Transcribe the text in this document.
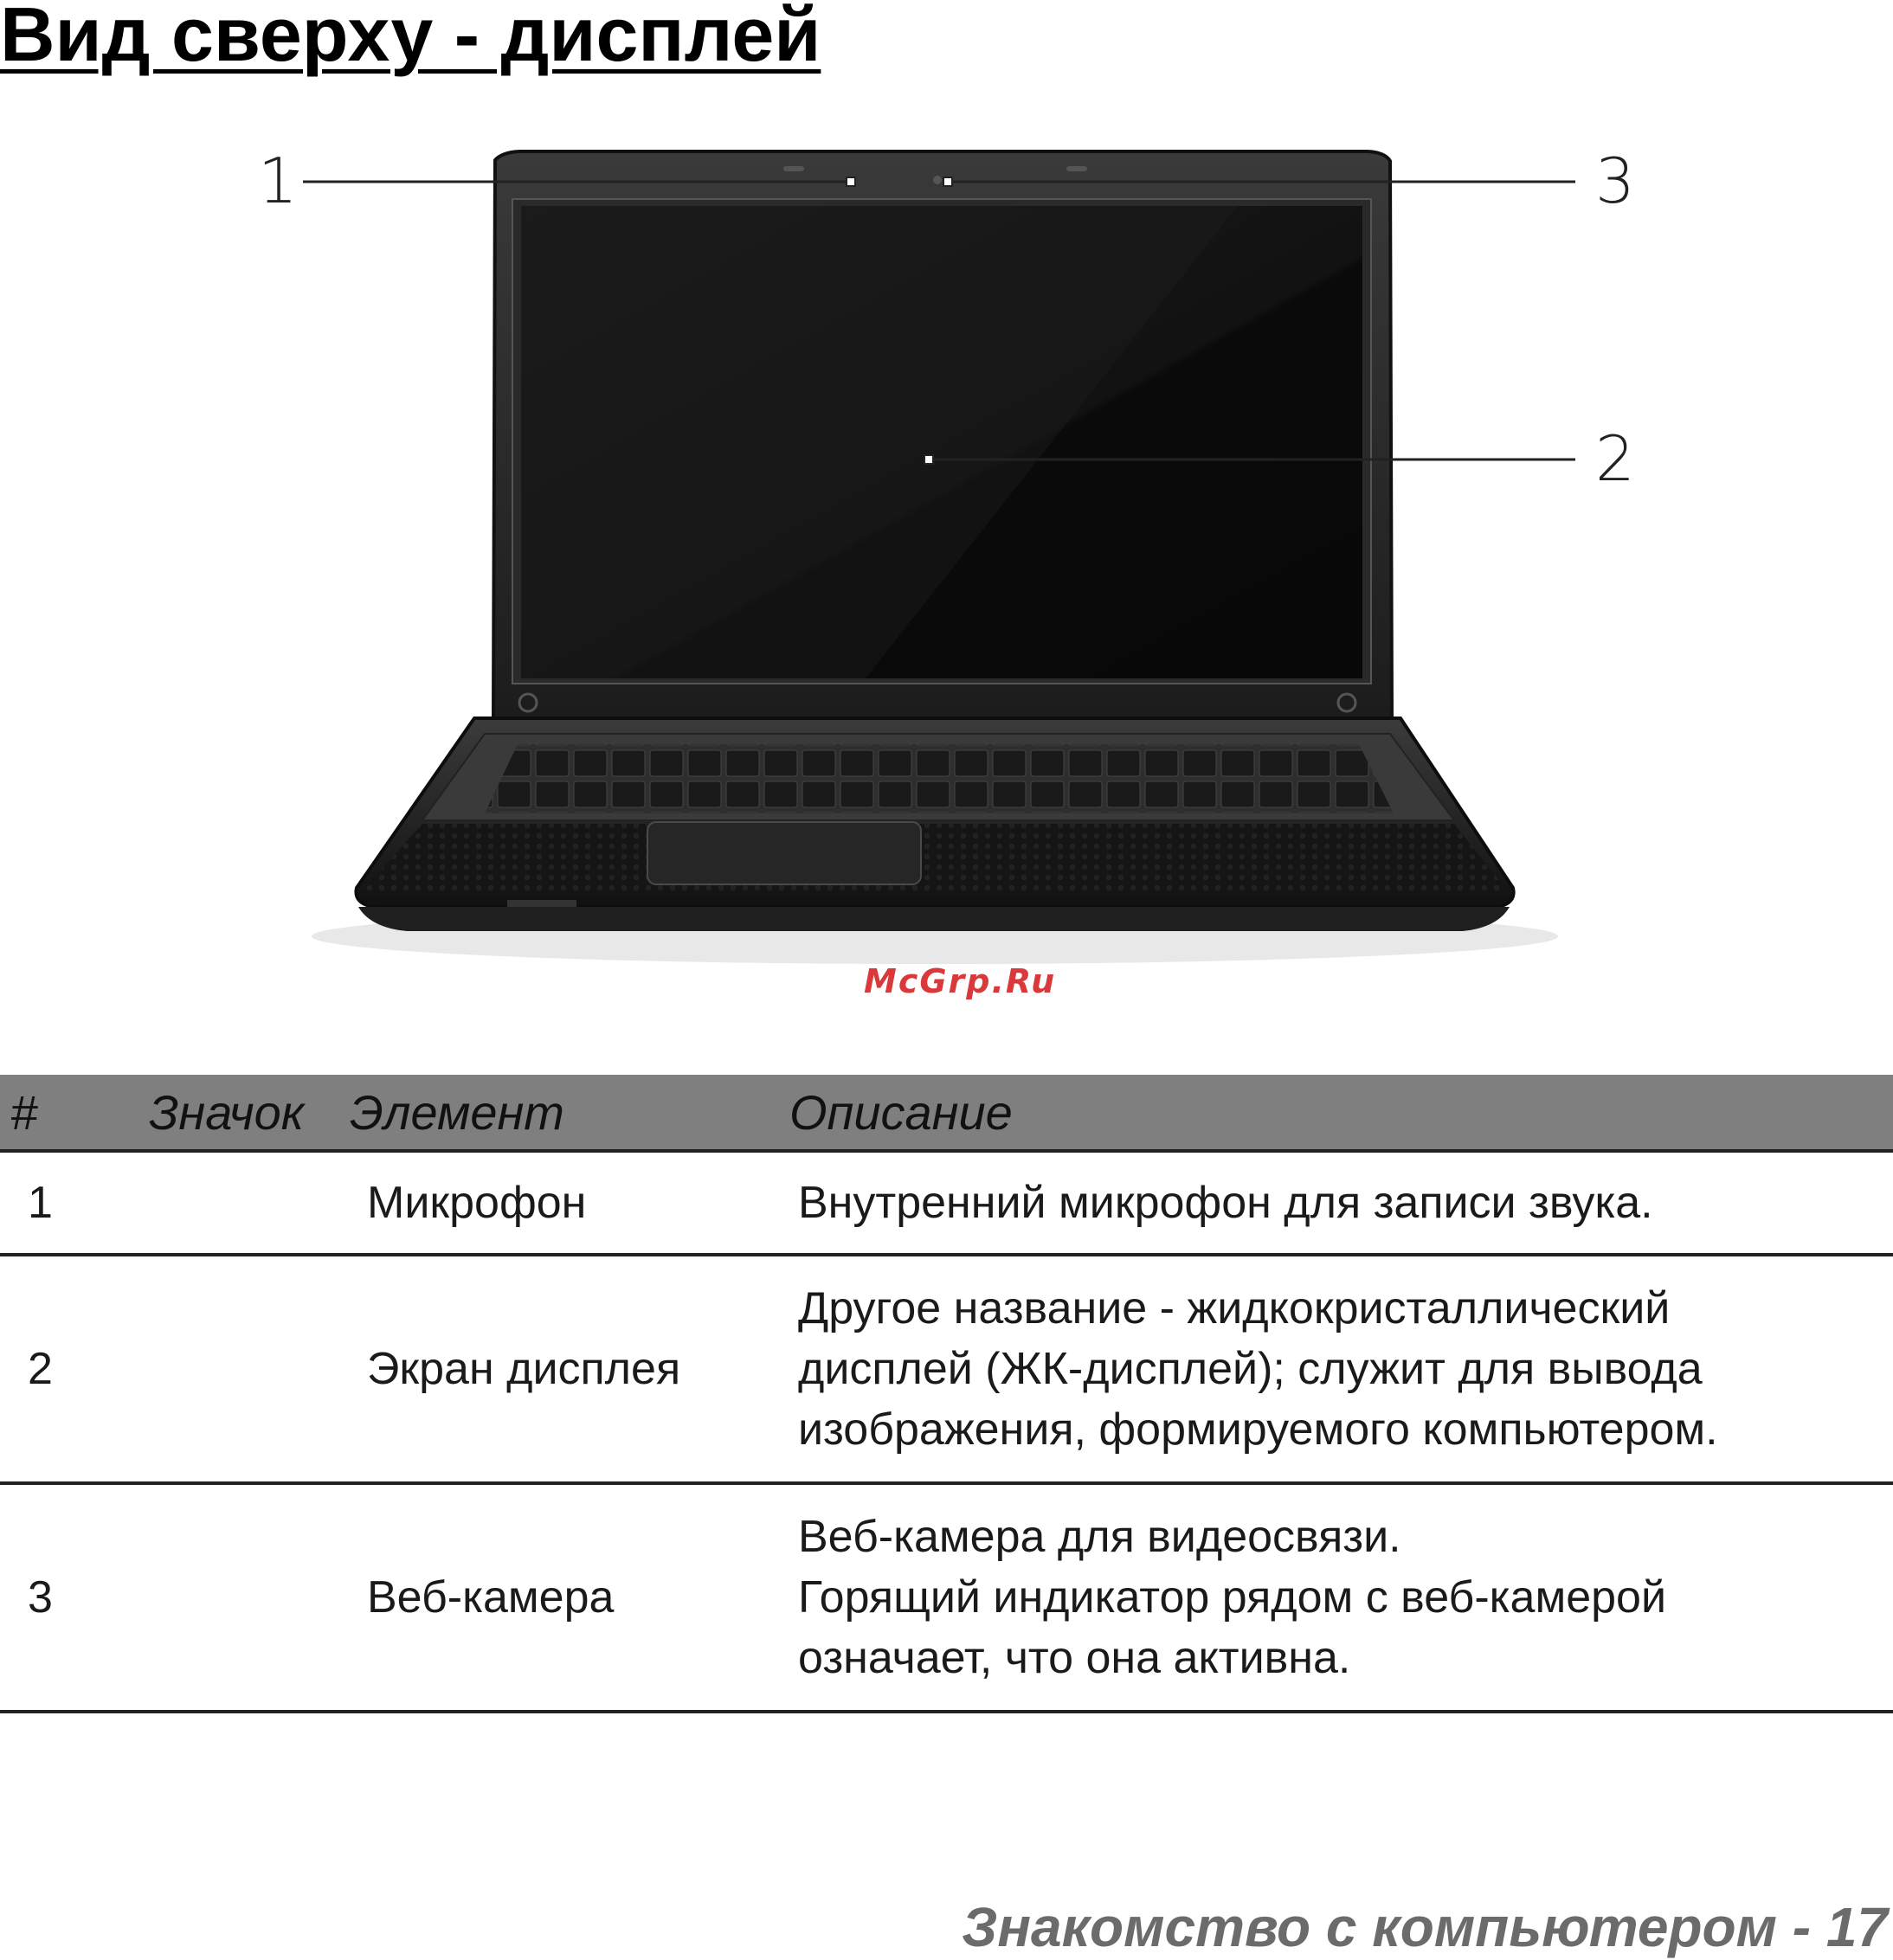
Вид сверху - дисплей
1
2
3
McGrp.Ru
#	Значок	Элемент	Описание
1		Микрофон	Внутренний микрофон для записи звука.

2		Экран дисплея	Другое название - жидкокристаллический
дисплей (ЖК-дисплей); служит для вывода
изображения, формируемого компьютером.

3		Веб-камера	Веб-камера для видеосвязи.
Горящий индикатор рядом с веб-камерой
означает, что она активна.
Знакомство с компьютером - 17
